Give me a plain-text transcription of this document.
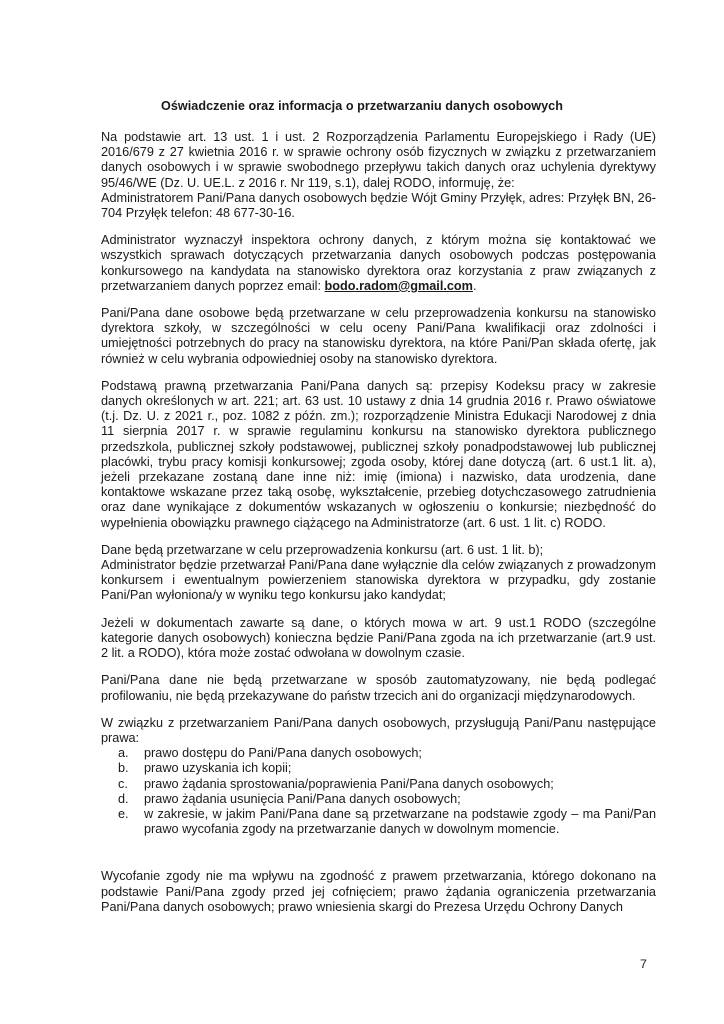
Oświadczenie oraz informacja o przetwarzaniu danych osobowych

Na podstawie art. 13 ust. 1 i ust. 2 Rozporządzenia Parlamentu Europejskiego i Rady (UE) 2016/679 z 27 kwietnia 2016 r. w sprawie ochrony osób fizycznych w związku z przetwarzaniem danych osobowych i w sprawie swobodnego przepływu takich danych oraz uchylenia dyrektywy 95/46/WE (Dz. U. UE.L. z 2016 r. Nr 119, s.1), dalej RODO, informuję, że:

Administratorem Pani/Pana danych osobowych będzie Wójt Gminy Przyłęk, adres: Przyłęk BN, 26-704 Przyłęk telefon: 48 677-30-16.

Administrator wyznaczył inspektora ochrony danych, z którym można się kontaktować we wszystkich sprawach dotyczących przetwarzania danych osobowych podczas postępowania konkursowego na kandydata na stanowisko dyrektora oraz korzystania z praw związanych z przetwarzaniem danych poprzez email: bodo.radom@gmail.com.

Pani/Pana dane osobowe będą przetwarzane w celu przeprowadzenia konkursu na stanowisko dyrektora szkoły, w szczególności w celu oceny Pani/Pana kwalifikacji oraz zdolności i umiejętności potrzebnych do pracy na stanowisku dyrektora, na które Pani/Pan składa ofertę, jak również w celu wybrania odpowiedniej osoby na stanowisko dyrektora.

Podstawą prawną przetwarzania Pani/Pana danych są: przepisy Kodeksu pracy w zakresie danych określonych w art. 221; art. 63 ust. 10 ustawy z dnia 14 grudnia 2016 r. Prawo oświatowe (t.j. Dz. U. z 2021 r., poz. 1082 z późn. zm.); rozporządzenie Ministra Edukacji Narodowej z dnia 11 sierpnia 2017 r. w sprawie regulaminu konkursu na stanowisko dyrektora publicznego przedszkola, publicznej szkoły podstawowej, publicznej szkoły ponadpodstawowej lub publicznej placówki, trybu pracy komisji konkursowej; zgoda osoby, której dane dotyczą (art. 6 ust.1 lit. a), jeżeli przekazane zostaną dane inne niż: imię (imiona) i nazwisko, data urodzenia, dane kontaktowe wskazane przez taką osobę, wykształcenie, przebieg dotychczasowego zatrudnienia oraz dane wynikające z dokumentów wskazanych w ogłoszeniu o konkursie; niezbędność do wypełnienia obowiązku prawnego ciążącego na Administratorze (art. 6 ust. 1 lit. c) RODO.

Dane będą przetwarzane w celu przeprowadzenia konkursu (art. 6 ust. 1 lit. b);

Administrator będzie przetwarzał Pani/Pana dane wyłącznie dla celów związanych z prowadzonym konkursem i ewentualnym powierzeniem stanowiska dyrektora w przypadku, gdy zostanie Pani/Pan wyłoniona/y w wyniku tego konkursu jako kandydat;

Jeżeli w dokumentach zawarte są dane, o których mowa w art. 9 ust.1 RODO (szczególne kategorie danych osobowych) konieczna będzie Pani/Pana zgoda na ich przetwarzanie (art.9 ust. 2 lit. a RODO), która może zostać odwołana w dowolnym czasie.

Pani/Pana dane nie będą przetwarzane w sposób zautomatyzowany, nie będą podlegać profilowaniu, nie będą przekazywane do państw trzecich ani do organizacji międzynarodowych.

W związku z przetwarzaniem Pani/Pana danych osobowych, przysługują Pani/Panu następujące prawa:

a.	prawo dostępu do Pani/Pana danych osobowych;
b.	prawo uzyskania ich kopii;
c.	prawo żądania sprostowania/poprawienia Pani/Pana danych osobowych;
d.	prawo żądania usunięcia Pani/Pana danych osobowych;
e.	w zakresie, w jakim Pani/Pana dane są przetwarzane na podstawie zgody – ma Pani/Pan prawo wycofania zgody na przetwarzanie danych w dowolnym momencie.

Wycofanie zgody nie ma wpływu na zgodność z prawem przetwarzania, którego dokonano na podstawie Pani/Pana zgody przed jej cofnięciem; prawo żądania ograniczenia przetwarzania Pani/Pana danych osobowych; prawo wniesienia skargi do Prezesa Urzędu Ochrony Danych

7
